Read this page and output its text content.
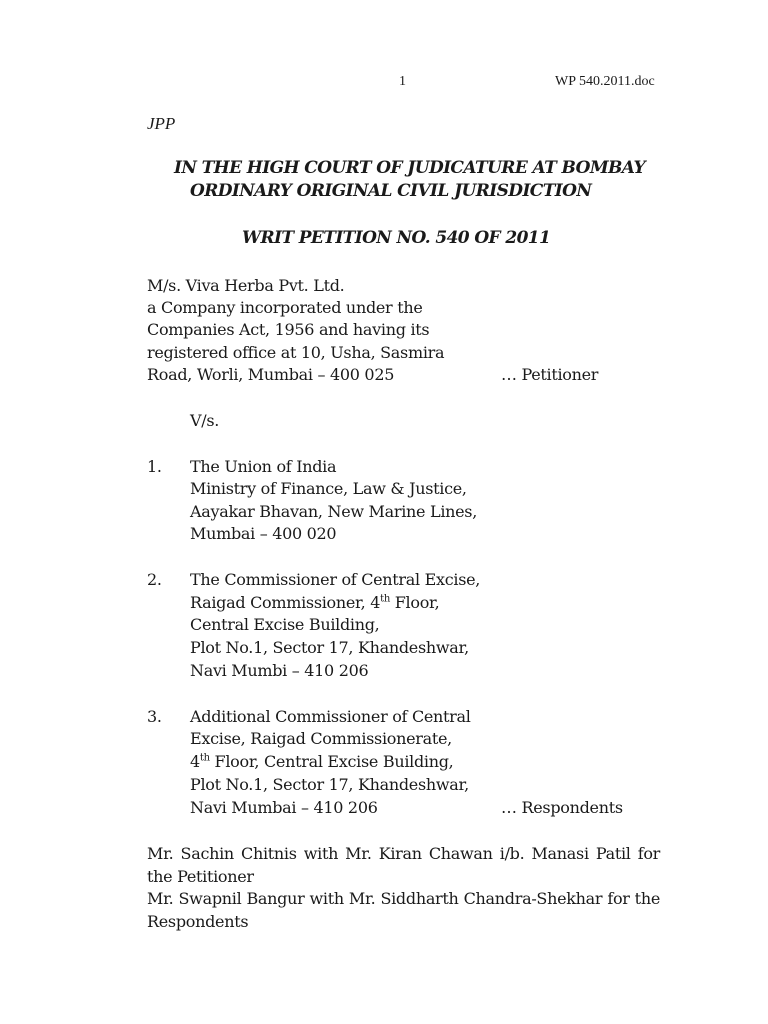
1	WP 540.2011.doc
JPP
IN THE HIGH COURT OF JUDICATURE AT BOMBAY
ORDINARY ORIGINAL CIVIL JURISDICTION
WRIT PETITION NO. 540 OF 2011
M/s. Viva Herba Pvt. Ltd.
a Company incorporated under the
Companies Act, 1956 and having its
registered office at 10, Usha, Sasmira
Road, Worli, Mumbai – 400 025	… Petitioner
V/s.
1. The Union of India
Ministry of Finance, Law & Justice,
Aayakar Bhavan, New Marine Lines,
Mumbai – 400 020
2. The Commissioner of Central Excise,
Raigad Commissioner, 4th Floor,
Central Excise Building,
Plot No.1, Sector 17, Khandeshwar,
Navi Mumbi – 410 206
3. Additional Commissioner of Central
Excise, Raigad Commissionerate,
4th Floor, Central Excise Building,
Plot No.1, Sector 17, Khandeshwar,
Navi Mumbai – 410 206	… Respondents
Mr. Sachin Chitnis with Mr. Kiran Chawan i/b. Manasi Patil for the Petitioner
Mr. Swapnil Bangur with Mr. Siddharth Chandra-Shekhar for the Respondents
